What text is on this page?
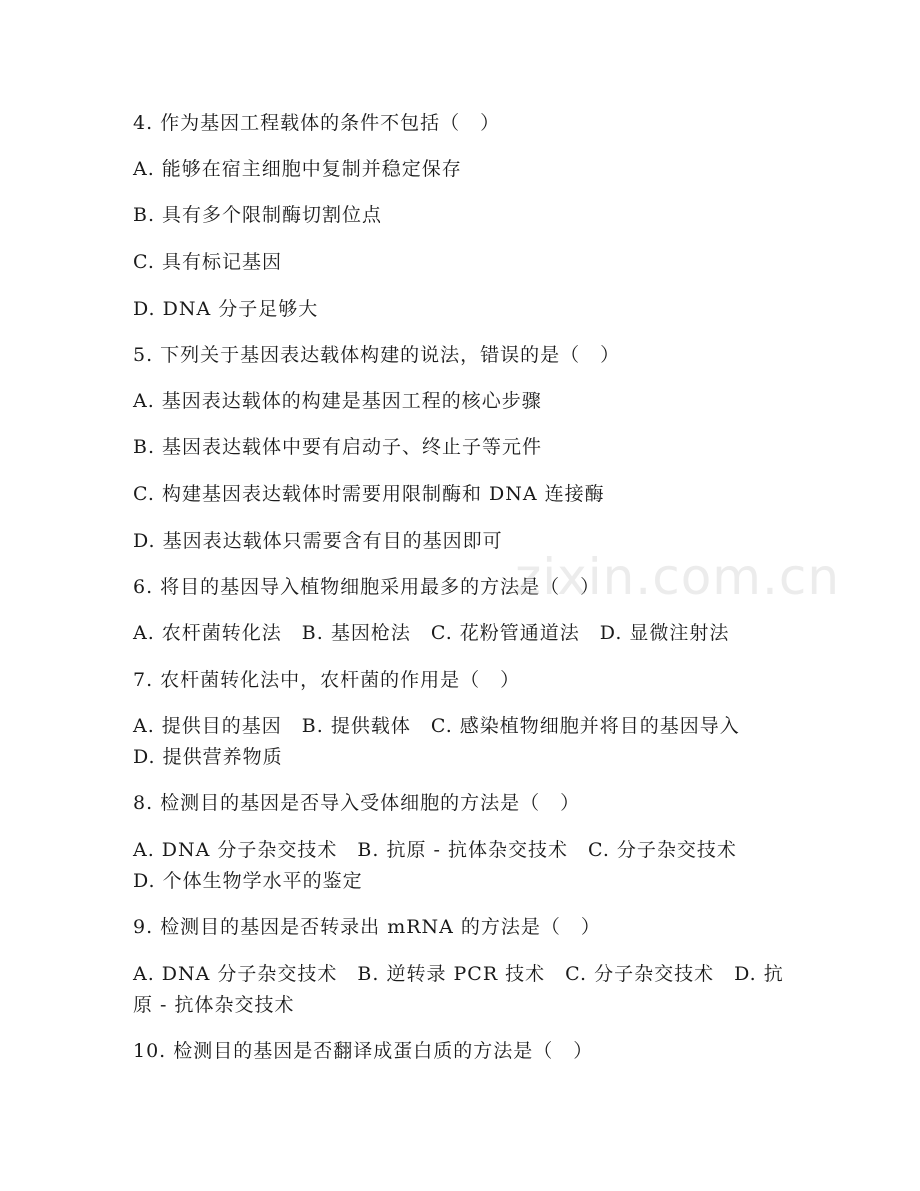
4. 作为基因工程载体的条件不包括（　）
A. 能够在宿主细胞中复制并稳定保存
B. 具有多个限制酶切割位点
C. 具有标记基因
D. DNA 分子足够大
5. 下列关于基因表达载体构建的说法，错误的是（　）
A. 基因表达载体的构建是基因工程的核心步骤
B. 基因表达载体中要有启动子、终止子等元件
C. 构建基因表达载体时需要用限制酶和 DNA 连接酶
D. 基因表达载体只需要含有目的基因即可
6. 将目的基因导入植物细胞采用最多的方法是（　）
A. 农杆菌转化法　B. 基因枪法　C. 花粉管通道法　D. 显微注射法
7. 农杆菌转化法中，农杆菌的作用是（　）
A. 提供目的基因　B. 提供载体　C. 感染植物细胞并将目的基因导入
D. 提供营养物质
8. 检测目的基因是否导入受体细胞的方法是（　）
A. DNA 分子杂交技术　B. 抗原 - 抗体杂交技术　C. 分子杂交技术
D. 个体生物学水平的鉴定
9. 检测目的基因是否转录出 mRNA 的方法是（　）
A. DNA 分子杂交技术　B. 逆转录 PCR 技术　C. 分子杂交技术　D. 抗
原 - 抗体杂交技术
10. 检测目的基因是否翻译成蛋白质的方法是（　）
zixin.com.cn
